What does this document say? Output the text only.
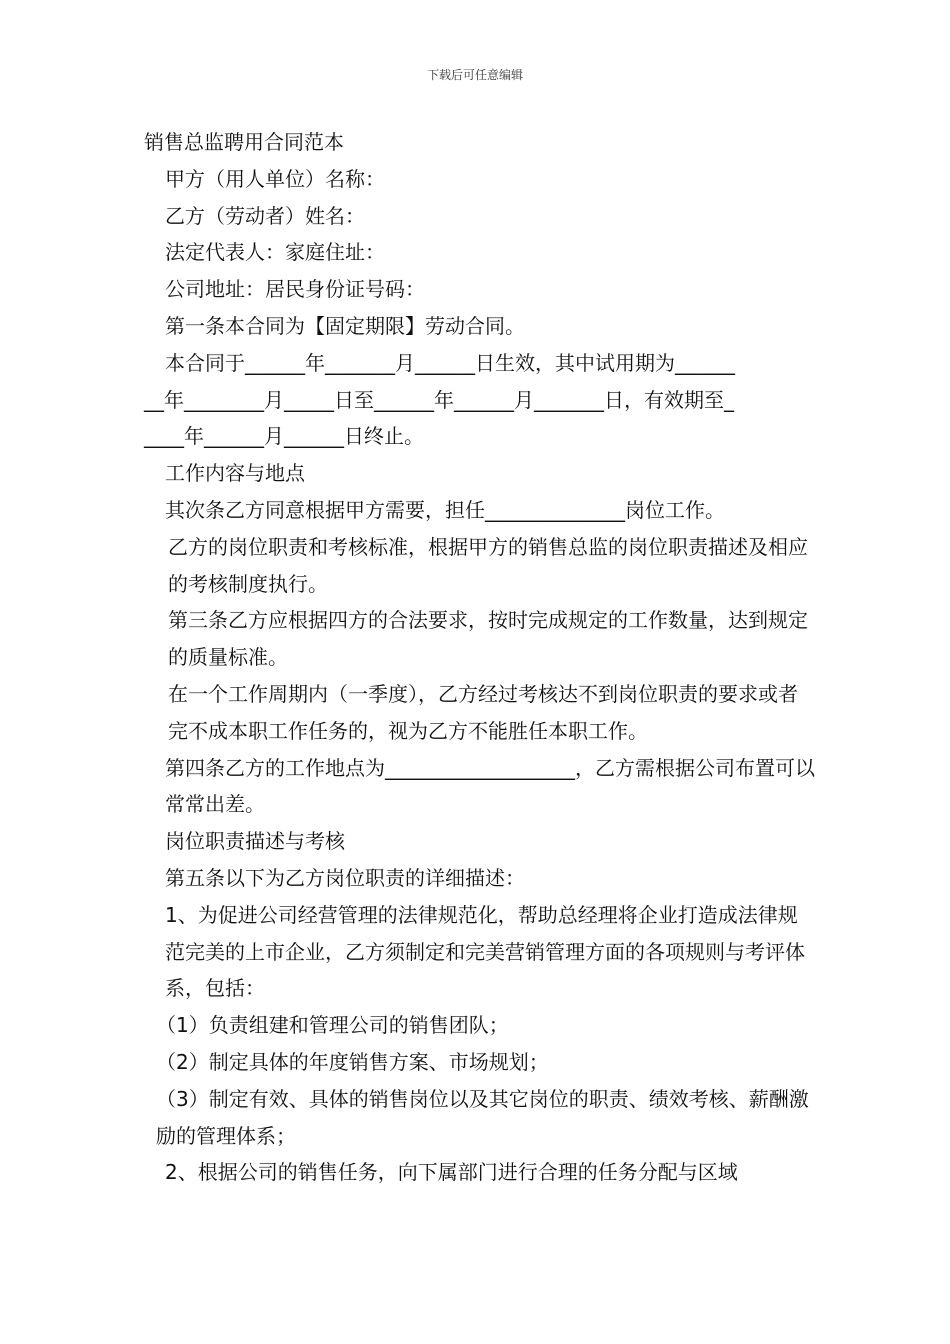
下载后可任意编辑
销售总监聘用合同范本
甲方（用人单位）名称：
乙方（劳动者）姓名：
法定代表人：家庭住址：
公司地址：居民身份证号码：
第一条本合同为【固定期限】劳动合同。
本合同于______年_______月______日生效，其中试用期为______
__年________月_____日至______年______月_______日，有效期至_
____年______月______日终止。
工作内容与地点
其次条乙方同意根据甲方需要，担任______________岗位工作。
乙方的岗位职责和考核标准，根据甲方的销售总监的岗位职责描述及相应的考核制度执行。
第三条乙方应根据四方的合法要求，按时完成规定的工作数量，达到规定的质量标准。
在一个工作周期内（一季度），乙方经过考核达不到岗位职责的要求或者完不成本职工作任务的，视为乙方不能胜任本职工作。
第四条乙方的工作地点为___________________，乙方需根据公司布置可以常常出差。
岗位职责描述与考核
第五条以下为乙方岗位职责的详细描述：
1、为促进公司经营管理的法律规范化，帮助总经理将企业打造成法律规范完美的上市企业，乙方须制定和完美营销管理方面的各项规则与考评体系，包括：
（1）负责组建和管理公司的销售团队；
（2）制定具体的年度销售方案、市场规划；
（3）制定有效、具体的销售岗位以及其它岗位的职责、绩效考核、薪酬激励的管理体系；
2、根据公司的销售任务，向下属部门进行合理的任务分配与区域
